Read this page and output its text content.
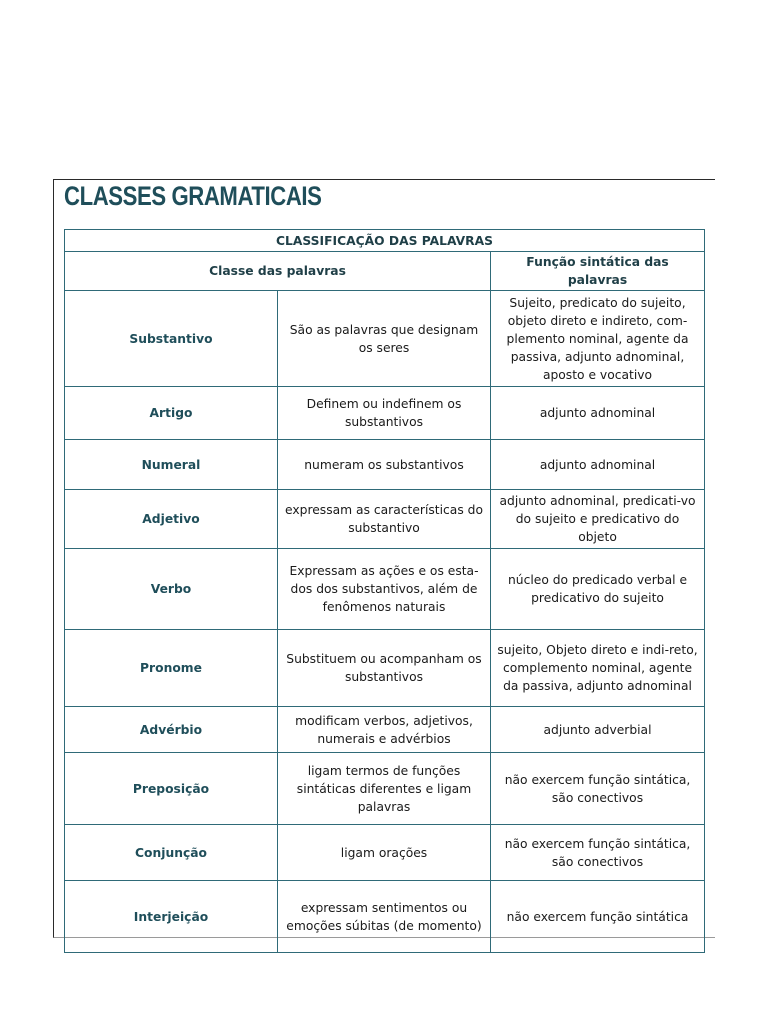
CLASSES GRAMATICAIS
CLASSIFICAÇÃO DAS PALAVRAS		
Classe das palavras		Função sintática das palavras
Substantivo	São as palavras que designam os seres	Sujeito, predicato do sujeito, objeto direto e indireto, com-plemento nominal, agente da passiva, adjunto adnominal, aposto e vocativo
Artigo	Definem ou indefinem os substantivos	adjunto adnominal
Numeral	numeram os substantivos	adjunto adnominal
Adjetivo	expressam as características do substantivo	adjunto adnominal, predicati-vo do sujeito e predicativo do objeto
Verbo	Expressam as ações e os esta-dos dos substantivos, além de fenômenos naturais	núcleo do predicado verbal e predicativo do sujeito
Pronome	Substituem ou acompanham os substantivos	sujeito, Objeto direto e indi-reto, complemento nominal, agente da passiva, adjunto adnominal
Advérbio	modificam verbos, adjetivos, numerais e advérbios	adjunto adverbial
Preposição	ligam termos de funções sintáticas diferentes e ligam palavras	não exercem função sintática, são conectivos
Conjunção	ligam orações	não exercem função sintática, são conectivos
Interjeição	expressam sentimentos ou emoções súbitas (de momento)	não exercem função sintática
